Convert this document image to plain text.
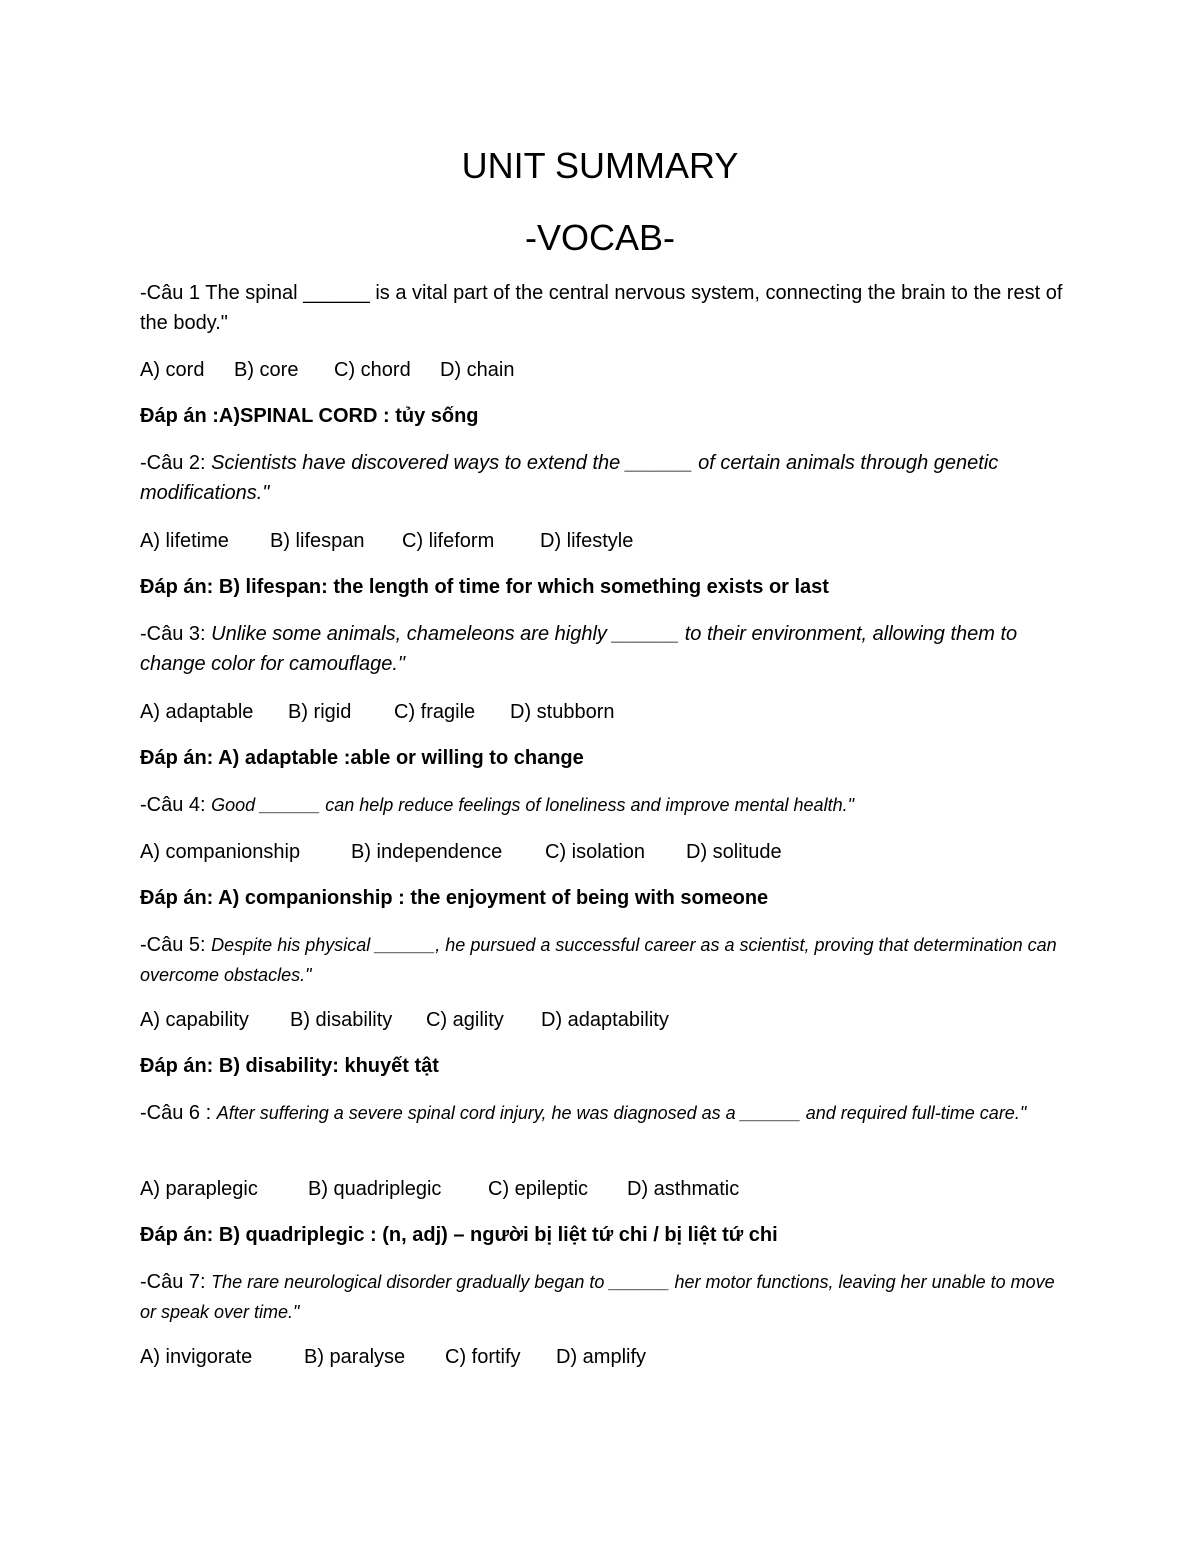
UNIT SUMMARY
-VOCAB-
-Câu 1 The spinal ______ is a vital part of the central nervous system, connecting the brain to the rest of the body."
A) cord B) core C) chord D) chain
Đáp án :A)SPINAL CORD : tủy sống
-Câu 2: Scientists have discovered ways to extend the ______ of certain animals through genetic modifications."
A) lifetime B) lifespan C) lifeform D) lifestyle
Đáp án: B) lifespan: the length of time for which something exists or last
-Câu 3: Unlike some animals, chameleons are highly ______ to their environment, allowing them to change color for camouflage."
A) adaptable B) rigid C) fragile D) stubborn
Đáp án: A) adaptable :able or willing to change
-Câu 4: Good ______ can help reduce feelings of loneliness and improve mental health."
A) companionship	B) independence C) isolation D) solitude
Đáp án: A) companionship : the enjoyment of being with someone
-Câu 5: Despite his physical ______, he pursued a successful career as a scientist, proving that determination can overcome obstacles."
A) capability B) disability C) agility D) adaptability
Đáp án: B) disability: khuyết tật
-Câu 6 : After suffering a severe spinal cord injury, he was diagnosed as a ______ and required full-time care."
A) paraplegic	B) quadriplegic C) epileptic D) asthmatic
Đáp án: B) quadriplegic : (n, adj) – người bị liệt tứ chi / bị liệt tứ chi
-Câu 7: The rare neurological disorder gradually began to ______ her motor functions, leaving her unable to move or speak over time."
A) invigorate	B) paralyse C) fortify D) amplify
